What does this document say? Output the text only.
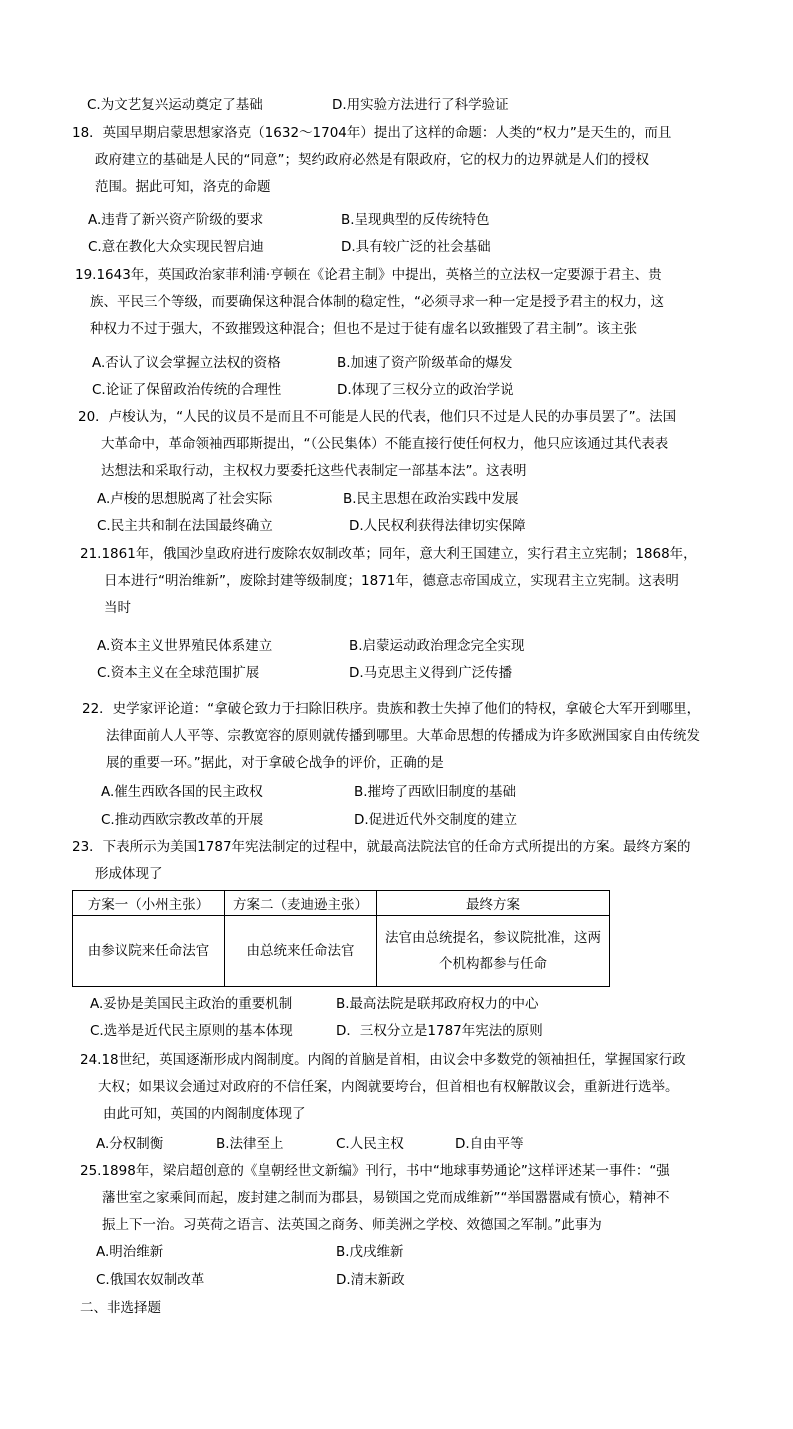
C.为文艺复兴运动奠定了基础	D.用实验方法进行了科学验证
18．英国早期启蒙思想家洛克（1632～1704年）提出了这样的命题：人类的“权力”是天生的，而且
政府建立的基础是人民的“同意”；契约政府必然是有限政府，它的权力的边界就是人们的授权
范围。据此可知，洛克的命题
A.违背了新兴资产阶级的要求	B.呈现典型的反传统特色
C.意在教化大众实现民智启迪	D.具有较广泛的社会基础
19.1643年，英国政治家菲利浦·亨顿在《论君主制》中提出，英格兰的立法权一定要源于君主、贵
族、平民三个等级，而要确保这种混合体制的稳定性，“必须寻求一种一定是授予君主的权力，这
种权力不过于强大，不致摧毁这种混合；但也不是过于徒有虚名以致摧毁了君主制”。该主张
A.否认了议会掌握立法权的资格	B.加速了资产阶级革命的爆发
C.论证了保留政治传统的合理性	D.体现了三权分立的政治学说
20．卢梭认为，“人民的议员不是而且不可能是人民的代表，他们只不过是人民的办事员罢了”。法国
大革命中，革命领袖西耶斯提出，“（公民集体）不能直接行使任何权力，他只应该通过其代表表
达想法和采取行动，主权权力要委托这些代表制定一部基本法”。这表明
A.卢梭的思想脱离了社会实际	B.民主思想在政治实践中发展
C.民主共和制在法国最终确立	D.人民权利获得法律切实保障
21.1861年，俄国沙皇政府进行废除农奴制改革；同年，意大利王国建立，实行君主立宪制；1868年，
日本进行“明治维新”，废除封建等级制度；1871年，德意志帝国成立，实现君主立宪制。这表明
当时
A.资本主义世界殖民体系建立	B.启蒙运动政治理念完全实现
C.资本主义在全球范围扩展	D.马克思主义得到广泛传播
22．史学家评论道：“拿破仑致力于扫除旧秩序。贵族和教士失掉了他们的特权，拿破仑大军开到哪里，
法律面前人人平等、宗教宽容的原则就传播到哪里。大革命思想的传播成为许多欧洲国家自由传统发
展的重要一环。”据此，对于拿破仑战争的评价，正确的是
A.催生西欧各国的民主政权	B.摧垮了西欧旧制度的基础
C.推动西欧宗教改革的开展	D.促进近代外交制度的建立
23．下表所示为美国1787年宪法制定的过程中，就最高法院法官的任命方式所提出的方案。最终方案的
形成体现了
方案一（小州主张）	方案二（麦迪逊主张）	最终方案
由参议院来任命法官	由总统来任命法官	法官由总统提名，参议院批准，这两个机构都参与任命
A.妥协是美国民主政治的重要机制	B.最高法院是联邦政府权力的中心
C.选举是近代民主原则的基本体现	D．三权分立是1787年宪法的原则
24.18世纪，英国逐渐形成内阁制度。内阁的首脑是首相，由议会中多数党的领袖担任，掌握国家行政
大权；如果议会通过对政府的不信任案，内阁就要垮台，但首相也有权解散议会，重新进行选举。
由此可知，英国的内阁制度体现了
A.分权制衡	B.法律至上	C.人民主权	D.自由平等
25.1898年，梁启超创意的《皇朝经世文新编》刊行，书中“地球事势通论”这样评述某一事件：“强
藩世室之家乘间而起，废封建之制而为郡县，易锁国之党而成维新”“举国嚣嚣咸有愤心，精神不
振上下一治。习英荷之语言、法英国之商务、师美洲之学校、效德国之军制。”此事为
A.明治维新	B.戊戌维新
C.俄国农奴制改革	D.清末新政
二、非选择题
